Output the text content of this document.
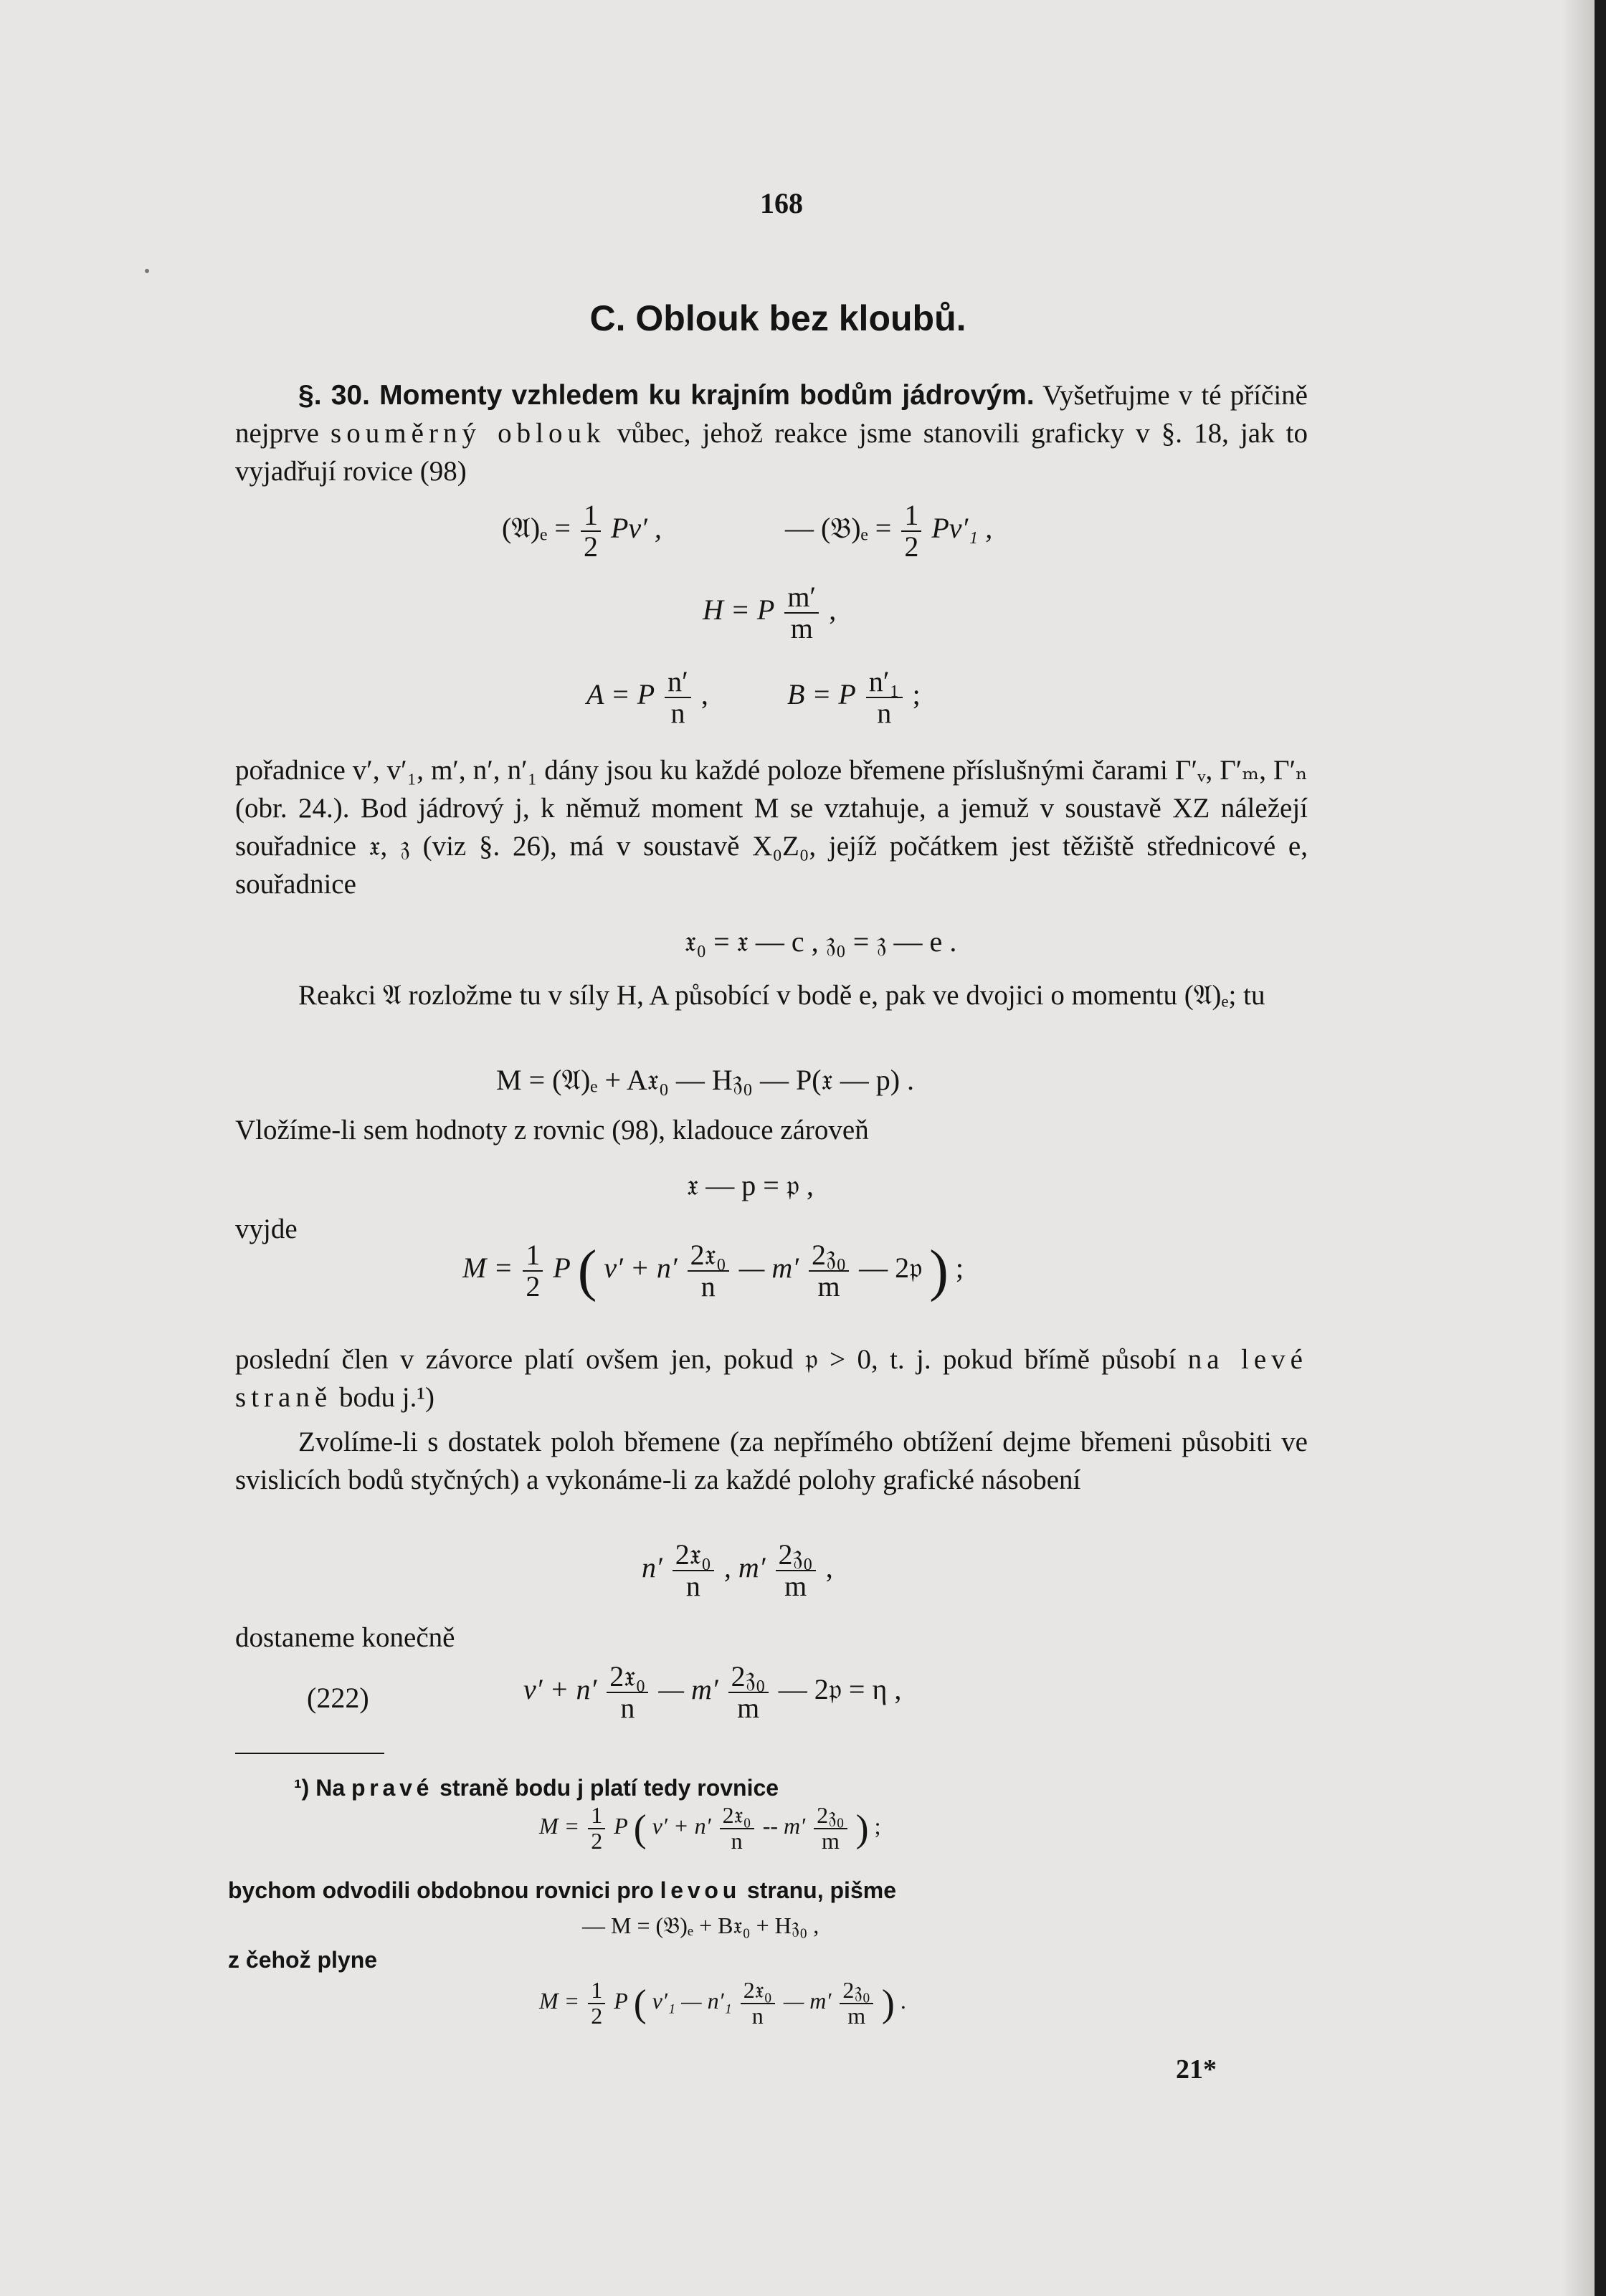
168
C. Oblouk bez kloubů.
§. 30. Momenty vzhledem ku krajním bodům jádrovým. Vyšetřujme v té příčině nejprve souměrný oblouk vůbec, jehož reakce jsme stanovili graficky v §. 18, jak to vyjadřují rovice (98)
(𝔄)ₑ = $\frac{1}{2} Pv'$ ,	— (𝔅)ₑ = $\frac{1}{2} Pv'_1$ ,
H = P $\frac{m'}{m}$ ,
A = P $\frac{n'}{n}$ ,	B = P $\frac{\text{n′₁}}{n}$ ;
pořadnice v′, v′₁, m′, n′, n′₁ dány jsou ku každé poloze břemene příslušnými čarami Γ′ᵥ, Γ′ₘ, Γ′ₙ (obr. 24.). Bod jádrový j, k němuž moment M se vztahuje, a jemuž v soustavě XZ náležejí souřadnice 𝔵, 𝔷 (viz §. 26), má v soustavě X₀Z₀, jejíž počátkem jest těžiště střednicové e, souřadnice
𝔵₀ = 𝔵 — c , 𝔷₀ = 𝔷 — e .
Reakci 𝔄 rozložme tu v síly H, A působící v bodě e, pak ve dvojici o momentu (𝔄)ₑ; tu
M = (𝔄)ₑ + A𝔵₀ — H𝔷₀ — P(𝔵 — p) .
Vložíme-li sem hodnoty z rovnic (98), kladouce zároveň
𝔵 — p = 𝔭 ,
vyjde
$M = \frac{1}{2}$ P ( $v' + n' \frac{\text{2𝔵₀}}{n}$ — $m' \frac{\text{2𝔷₀}}{m}$ — 2𝔭 ) ;
poslední člen v závorce platí ovšem jen, pokud 𝔭 > 0, t. j. pokud břímě působí na levé straně bodu j.¹)
Zvolíme-li s dostatek poloh břemene (za nepřímého obtížení dejme břemeni působiti ve svislicích bodů styčných) a vykonáme-li za každé polohy grafické násobení
$n' \frac{\text{2𝔵₀}}{n}$ , $m' \frac{\text{2𝔷₀}}{m}$ ,
dostaneme konečně
(222)	$v' + n' \frac{\text{2𝔵₀}}{n}$ — $m' \frac{\text{2𝔷₀}}{m}$ — 2𝔭 = η ,
¹) Na pravé straně bodu j platí tedy rovnice
$M = \frac{1}{2}$ P ( $v' + n' \frac{\text{2𝔵₀}}{n} -- m' \frac{\text{2𝔷₀}}{m}$ ) ;
bychom odvodili obdobnou rovnici pro levou stranu, pišme
— M = (𝔅)ₑ + B𝔵₀ + H𝔷₀ ,
z čehož plyne
$M = \frac{1}{2}$ P ( v′₁ — $n'_1 \frac{\text{2𝔵₀}}{n}$ — $m' \frac{\text{2𝔷₀}}{m}$ ) .
21*
